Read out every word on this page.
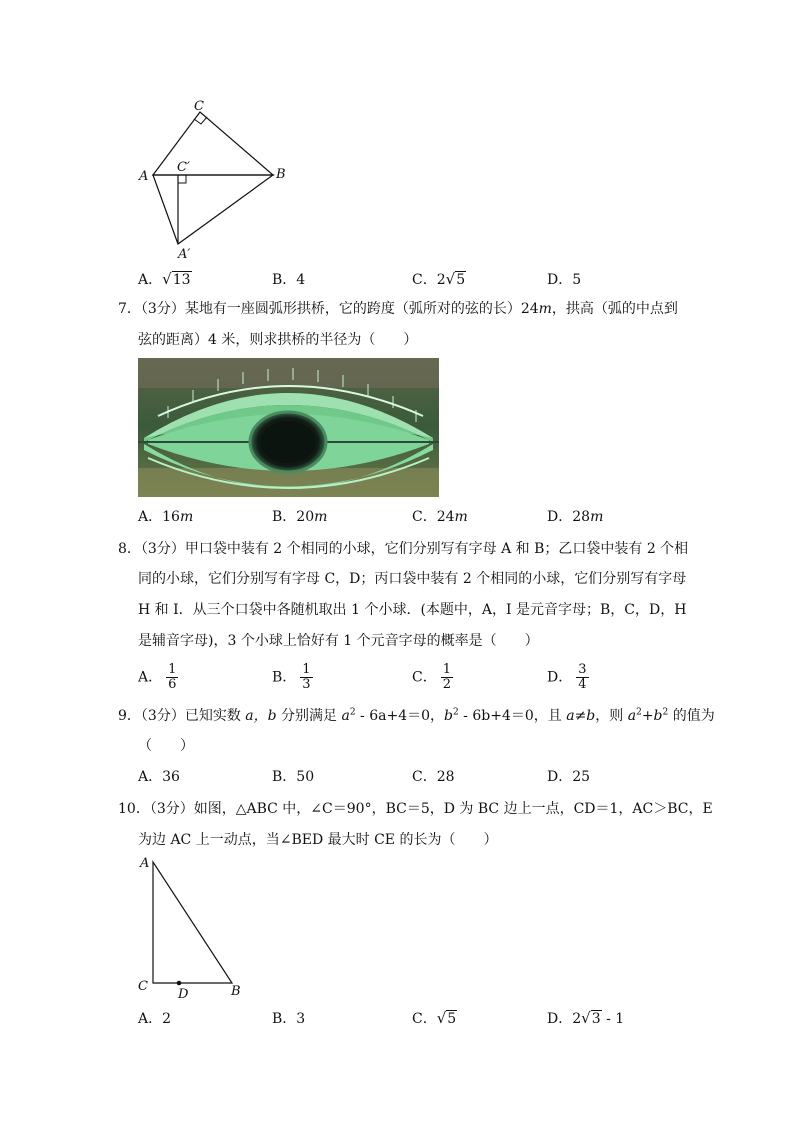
C
C′
A	B
A′
A． √ 13	B．4	C．2 √ 5	D．5
7．（3分）某地有一座圆弧形拱桥，它的跨度（弧所对的弦的长）24m，拱高（弧的中点到
弦的距离）4 米，则求拱桥的半径为（　　）
A．16m	B．20m	C．24m	D．28m
8．（3分）甲口袋中装有 2 个相同的小球，它们分别写有字母 A 和 B；乙口袋中装有 2 个相
同的小球，它们分别写有字母 C，D；丙口袋中装有 2 个相同的小球，它们分别写有字母
H 和 I．从三个口袋中各随机取出 1 个小球．(本题中，A，I 是元音字母；B，C，D，H
是辅音字母)，3 个小球上恰好有 1 个元音字母的概率是（　　）
A． $\frac{1}{6}$	B． $\frac{1}{3}$	C． $\frac{1}{2}$	D． $\frac{3}{4}$
9．（3分）已知实数 a，b 分别满足 $a^2 - 6a+4=0$，$b^2 - 6b+4=0$，且 a≠b，则 $a^2+b^2$ 的值为
（　　）
A．36	B．50	C．28	D．25
10．（3分）如图，△ABC 中，∠C＝90°，BC＝5，D 为 BC 边上一点，CD＝1，AC＞BC，E
为边 AC 上一动点，当∠BED 最大时 CE 的长为（　　）
A
C
D	B
A．2	B．3	C． √ 5	D．2 √ 3 - 1
